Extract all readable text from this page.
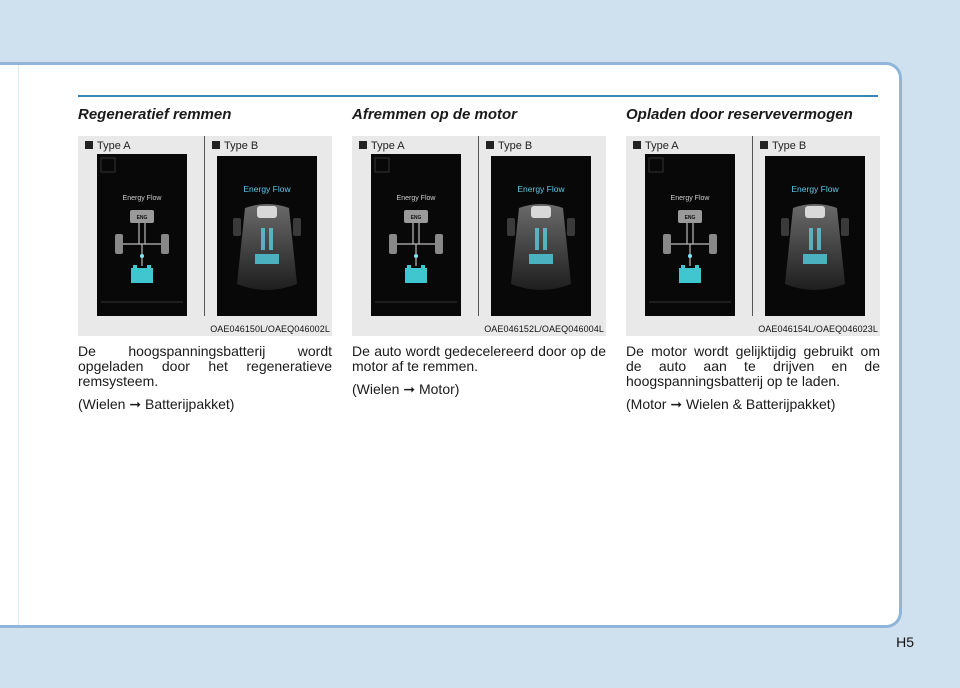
Regeneratief remmen
Type A	Type B
Energy Flow
ENG
Energy Flow
OAE046150L/OAEQ046002L

De hoogspanningsbatterij wordt opgeladen door het regeneratieve remsysteem.

(Wielen ➞ Batterijpakket)

Afremmen op de motor
Type A	Type B
Energy Flow
ENG
Energy Flow
OAE046152L/OAEQ046004L

De auto wordt gedecelereerd door op de motor af te remmen.

(Wielen ➞ Motor)

Opladen door reservevermogen
Type A	Type B
Energy Flow
ENG
Energy Flow
OAE046154L/OAEQ046023L

De motor wordt gelijktijdig gebruikt om de auto aan te drijven en de hoogspanningsbatterij op te laden.

(Motor ➞ Wielen & Batterijpakket)

H5
